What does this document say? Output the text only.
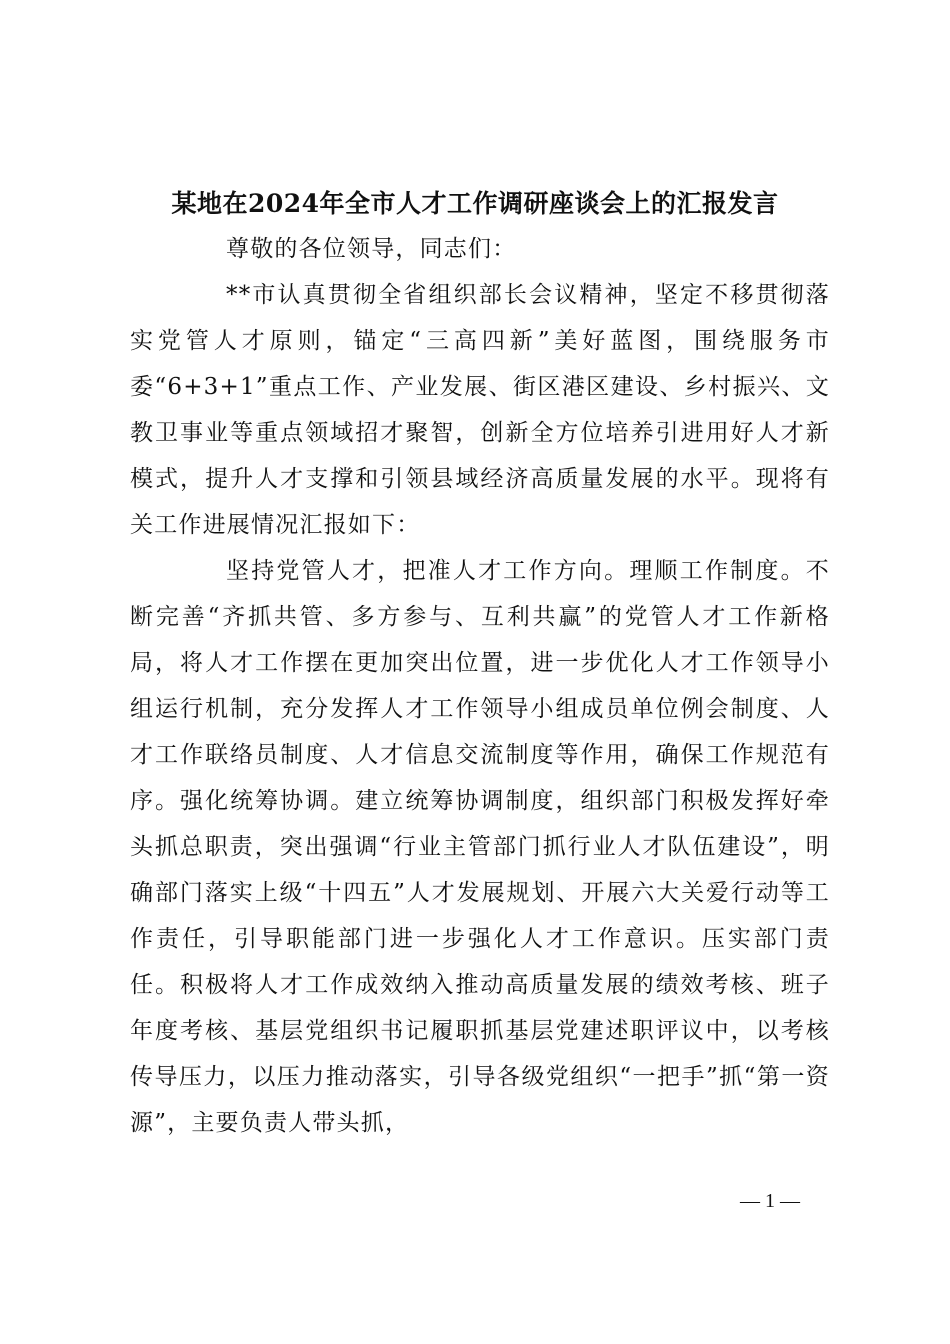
某地在2024年全市人才工作调研座谈会上的汇报发言

尊敬的各位领导，同志们：

**市认真贯彻全省组织部长会议精神，坚定不移贯彻落实党管人才原则，锚定“三高四新”美好蓝图，围绕服务市委“6+3+1”重点工作、产业发展、街区港区建设、乡村振兴、文教卫事业等重点领域招才聚智，创新全方位培养引进用好人才新模式，提升人才支撑和引领县域经济高质量发展的水平。现将有关工作进展情况汇报如下：

坚持党管人才，把准人才工作方向。理顺工作制度。不断完善“齐抓共管、多方参与、互利共赢”的党管人才工作新格局，将人才工作摆在更加突出位置，进一步优化人才工作领导小组运行机制，充分发挥人才工作领导小组成员单位例会制度、人才工作联络员制度、人才信息交流制度等作用，确保工作规范有序。强化统筹协调。建立统筹协调制度，组织部门积极发挥好牵头抓总职责，突出强调“行业主管部门抓行业人才队伍建设”，明确部门落实上级“十四五”人才发展规划、开展六大关爱行动等工作责任，引导职能部门进一步强化人才工作意识。压实部门责任。积极将人才工作成效纳入推动高质量发展的绩效考核、班子年度考核、基层党组织书记履职抓基层党建述职评议中，以考核传导压力，以压力推动落实，引导各级党组织“一把手”抓“第一资源”，主要负责人带头抓，

— 1 —
